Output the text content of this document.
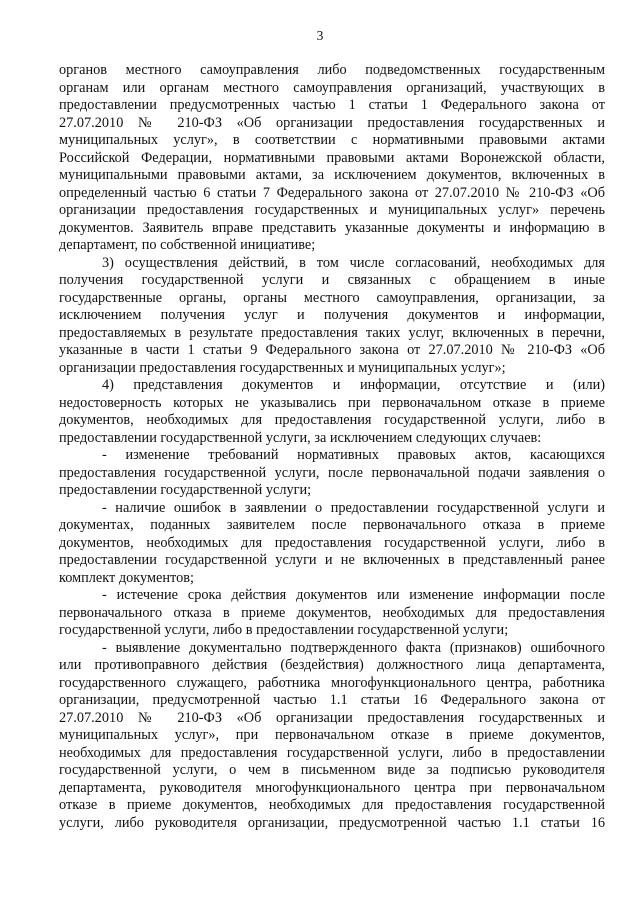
3
органов местного самоуправления либо подведомственных государственным
органам или органам местного самоуправления организаций, участвующих в
предоставлении предусмотренных частью 1 статьи 1 Федерального закона от
27.07.2010 № 210-ФЗ «Об организации предоставления государственных и
муниципальных услуг», в соответствии с нормативными правовыми актами
Российской Федерации, нормативными правовыми актами Воронежской области,
муниципальными правовыми актами, за исключением документов, включенных в
определенный частью 6 статьи 7 Федерального закона от 27.07.2010 № 210-ФЗ «Об
организации предоставления государственных и муниципальных услуг» перечень
документов. Заявитель вправе представить указанные документы и информацию в
департамент, по собственной инициативе;
3) осуществления действий, в том числе согласований, необходимых для
получения государственной услуги и связанных с обращением в иные
государственные органы, органы местного самоуправления, организации, за
исключением получения услуг и получения документов и информации,
предоставляемых в результате предоставления таких услуг, включенных в перечни,
указанные в части 1 статьи 9 Федерального закона от 27.07.2010 № 210-ФЗ «Об
организации предоставления государственных и муниципальных услуг»;
4) представления документов и информации, отсутствие и (или)
недостоверность которых не указывались при первоначальном отказе в приеме
документов, необходимых для предоставления государственной услуги, либо в
предоставлении государственной услуги, за исключением следующих случаев:
- изменение требований нормативных правовых актов, касающихся
предоставления государственной услуги, после первоначальной подачи заявления о
предоставлении государственной услуги;
- наличие ошибок в заявлении о предоставлении государственной услуги и
документах, поданных заявителем после первоначального отказа в приеме
документов, необходимых для предоставления государственной услуги, либо в
предоставлении государственной услуги и не включенных в представленный ранее
комплект документов;
- истечение срока действия документов или изменение информации после
первоначального отказа в приеме документов, необходимых для предоставления
государственной услуги, либо в предоставлении государственной услуги;
- выявление документально подтвержденного факта (признаков) ошибочного
или противоправного действия (бездействия) должностного лица департамента,
государственного служащего, работника многофункционального центра, работника
организации, предусмотренной частью 1.1 статьи 16 Федерального закона от
27.07.2010 № 210-ФЗ «Об организации предоставления государственных и
муниципальных услуг», при первоначальном отказе в приеме документов,
необходимых для предоставления государственной услуги, либо в предоставлении
государственной услуги, о чем в письменном виде за подписью руководителя
департамента, руководителя многофункционального центра при первоначальном
отказе в приеме документов, необходимых для предоставления государственной
услуги, либо руководителя организации, предусмотренной частью 1.1 статьи 16
